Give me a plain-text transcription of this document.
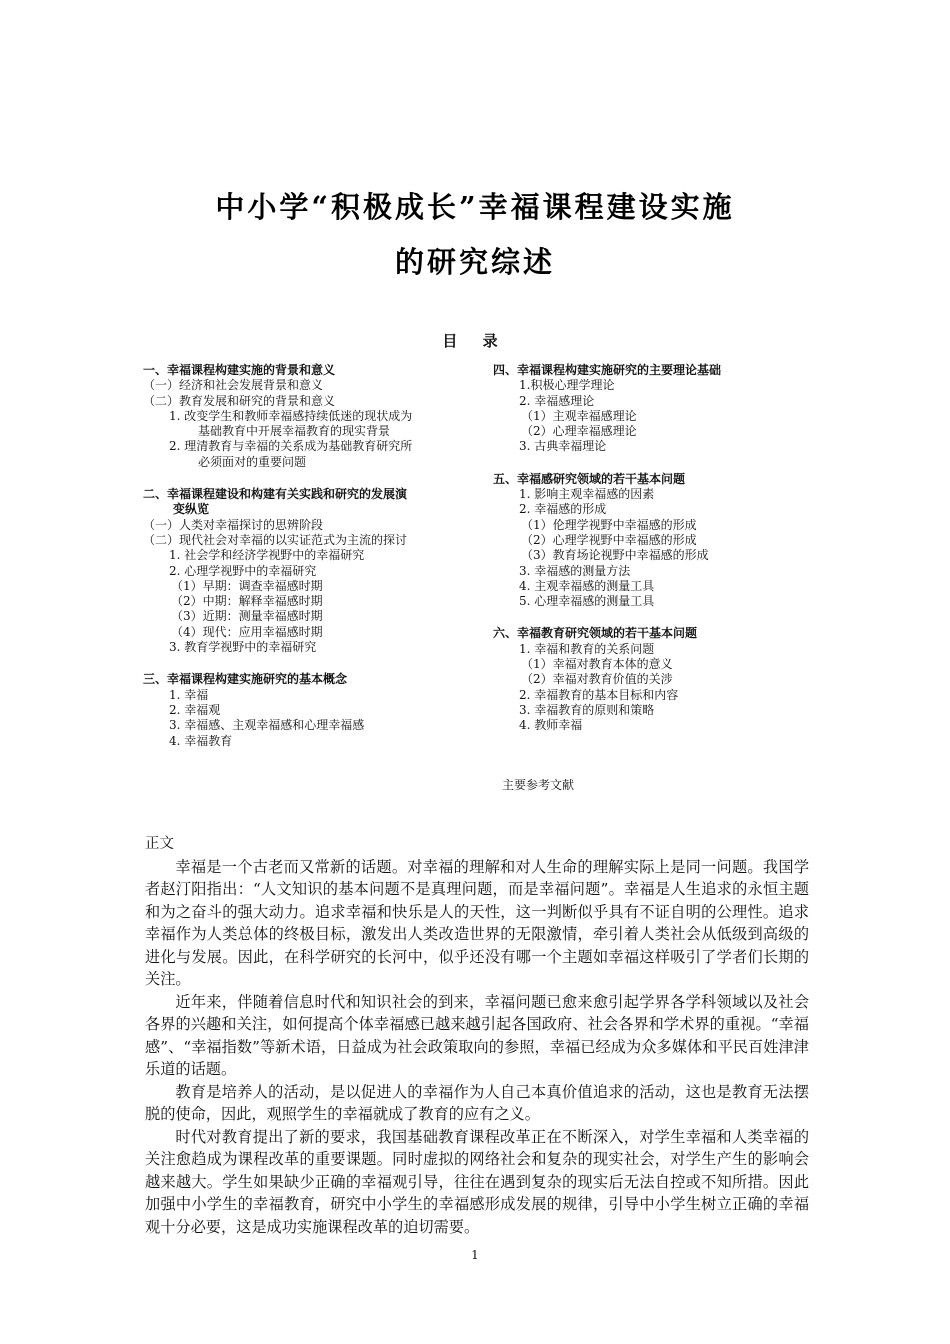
中小学“积极成长”幸福课程建设实施
的研究综述
目 录
一、幸福课程构建实施的背景和意义
（一）经济和社会发展背景和意义
（二）教育发展和研究的背景和意义
1. 改变学生和教师幸福感持续低迷的现状成为
基础教育中开展幸福教育的现实背景
2. 理清教育与幸福的关系成为基础教育研究所
必须面对的重要问题
二、幸福课程建设和构建有关实践和研究的发展演
变纵览
（一）人类对幸福探讨的思辨阶段
（二）现代社会对幸福的以实证范式为主流的探讨
1. 社会学和经济学视野中的幸福研究
2. 心理学视野中的幸福研究
（1）早期：调查幸福感时期
（2）中期：解释幸福感时期
（3）近期：测量幸福感时期
（4）现代：应用幸福感时期
3. 教育学视野中的幸福研究
三、幸福课程构建实施研究的基本概念
1. 幸福
2. 幸福观
3. 幸福感、主观幸福感和心理幸福感
4. 幸福教育
四、幸福课程构建实施研究的主要理论基础
1.积极心理学理论
2. 幸福感理论
（1）主观幸福感理论
（2）心理幸福感理论
3. 古典幸福理论
五、幸福感研究领域的若干基本问题
1. 影响主观幸福感的因素
2. 幸福感的形成
（1）伦理学视野中幸福感的形成
（2）心理学视野中幸福感的形成
（3）教育场论视野中幸福感的形成
3. 幸福感的测量方法
4. 主观幸福感的测量工具
5. 心理幸福感的测量工具
六、幸福教育研究领域的若干基本问题
1. 幸福和教育的关系问题
（1）幸福对教育本体的意义
（2）幸福对教育价值的关涉
2. 幸福教育的基本目标和内容
3. 幸福教育的原则和策略
4. 教师幸福
主要参考文献
正文

幸福是一个古老而又常新的话题。对幸福的理解和对人生命的理解实际上是同一问题。我国学者赵汀阳指出：“人文知识的基本问题不是真理问题，而是幸福问题”。幸福是人生追求的永恒主题和为之奋斗的强大动力。追求幸福和快乐是人的天性，这一判断似乎具有不证自明的公理性。追求幸福作为人类总体的终极目标，激发出人类改造世界的无限激情，牵引着人类社会从低级到高级的进化与发展。因此，在科学研究的长河中，似乎还没有哪一个主题如幸福这样吸引了学者们长期的关注。

近年来，伴随着信息时代和知识社会的到来，幸福问题已愈来愈引起学界各学科领域以及社会各界的兴趣和关注，如何提高个体幸福感已越来越引起各国政府、社会各界和学术界的重视。“幸福感”、“幸福指数”等新术语，日益成为社会政策取向的参照，幸福已经成为众多媒体和平民百姓津津乐道的话题。

教育是培养人的活动，是以促进人的幸福作为人自己本真价值追求的活动，这也是教育无法摆脱的使命，因此，观照学生的幸福就成了教育的应有之义。

时代对教育提出了新的要求，我国基础教育课程改革正在不断深入，对学生幸福和人类幸福的关注愈趋成为课程改革的重要课题。同时虚拟的网络社会和复杂的现实社会，对学生产生的影响会越来越大。学生如果缺少正确的幸福观引导，往往在遇到复杂的现实后无法自控或不知所措。因此加强中小学生的幸福教育，研究中小学生的幸福感形成发展的规律，引导中小学生树立正确的幸福观十分必要，这是成功实施课程改革的迫切需要。

1
